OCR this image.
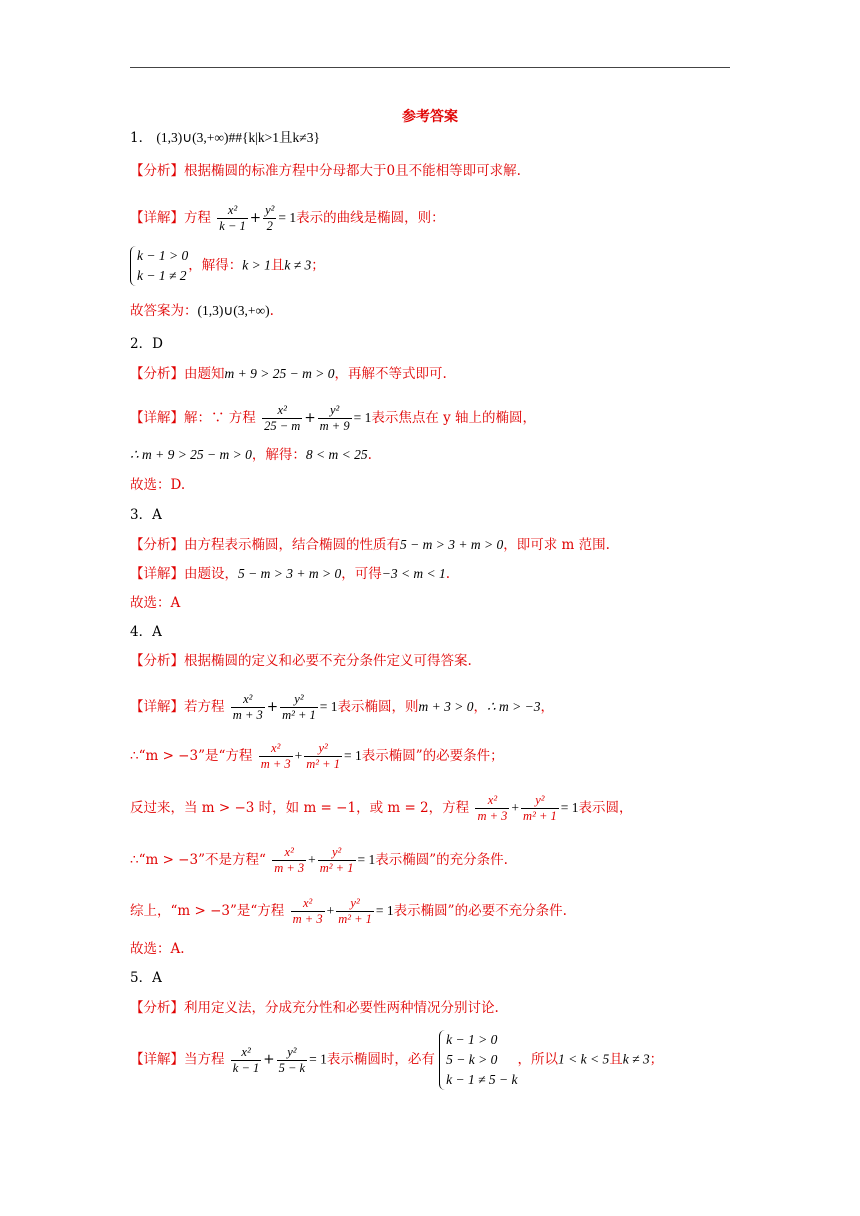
参考答案
1． (1,3)∪(3,+∞)##{k|k>1且k≠3}
【分析】根据椭圆的标准方程中分母都大于0且不能相等即可求解.
【详解】方程 $\frac{\text{x²}}{k - 1} + \frac{\text{y²}}{2} = 1$表示的曲线是椭圆，则：
k − 1 > 0
k − 1 ≠ 2
，解得：k > 1且k ≠ 3；
故答案为：(1,3)∪(3,+∞).
2．D
【分析】由题知m + 9 > 25 − m > 0，再解不等式即可.
【详解】解：∵ 方程 $\frac{\text{x²}}{25 - m} + \frac{\text{y²}}{m + 9} = 1$表示焦点在 y 轴上的椭圆，
∴ m + 9 > 25 − m > 0，解得：8 < m < 25.
故选：D.
3．A
【分析】由方程表示椭圆，结合椭圆的性质有5 − m > 3 + m > 0，即可求 m 范围.
【详解】由题设，5 − m > 3 + m > 0，可得−3 < m < 1.
故选：A
4．A
【分析】根据椭圆的定义和必要不充分条件定义可得答案.
【详解】若方程 $\frac{\text{x²}}{m + 3} + \frac{\text{y²}}{\text{m² + 1}} = 1$表示椭圆，则m + 3 > 0，∴ m > −3，
∴“m > −3”是“方程 $\frac{\text{x²}}{m + 3} + \frac{\text{y²}}{\text{m² + 1}} = 1$表示椭圆”的必要条件；
反过来，当 m > −3 时，如 m = −1，或 m = 2，方程 $\frac{\text{x²}}{m + 3} + \frac{\text{y²}}{\text{m² + 1}} = 1$表示圆，
∴“m > −3”不是方程“ $\frac{\text{x²}}{m + 3} + \frac{\text{y²}}{\text{m² + 1}} = 1$表示椭圆”的充分条件.
综上，“m > −3”是“方程 $\frac{\text{x²}}{m + 3} + \frac{\text{y²}}{\text{m² + 1}} = 1$表示椭圆”的必要不充分条件.
故选：A.
5．A
【分析】利用定义法，分成充分性和必要性两种情况分别讨论.
【详解】当方程 $\frac{\text{x²}}{k - 1} + \frac{\text{y²}}{5 - k} = 1$表示椭圆时，必有
k − 1 > 0
5 − k > 0
k − 1 ≠ 5 − k
，所以1 < k < 5且k ≠ 3；
